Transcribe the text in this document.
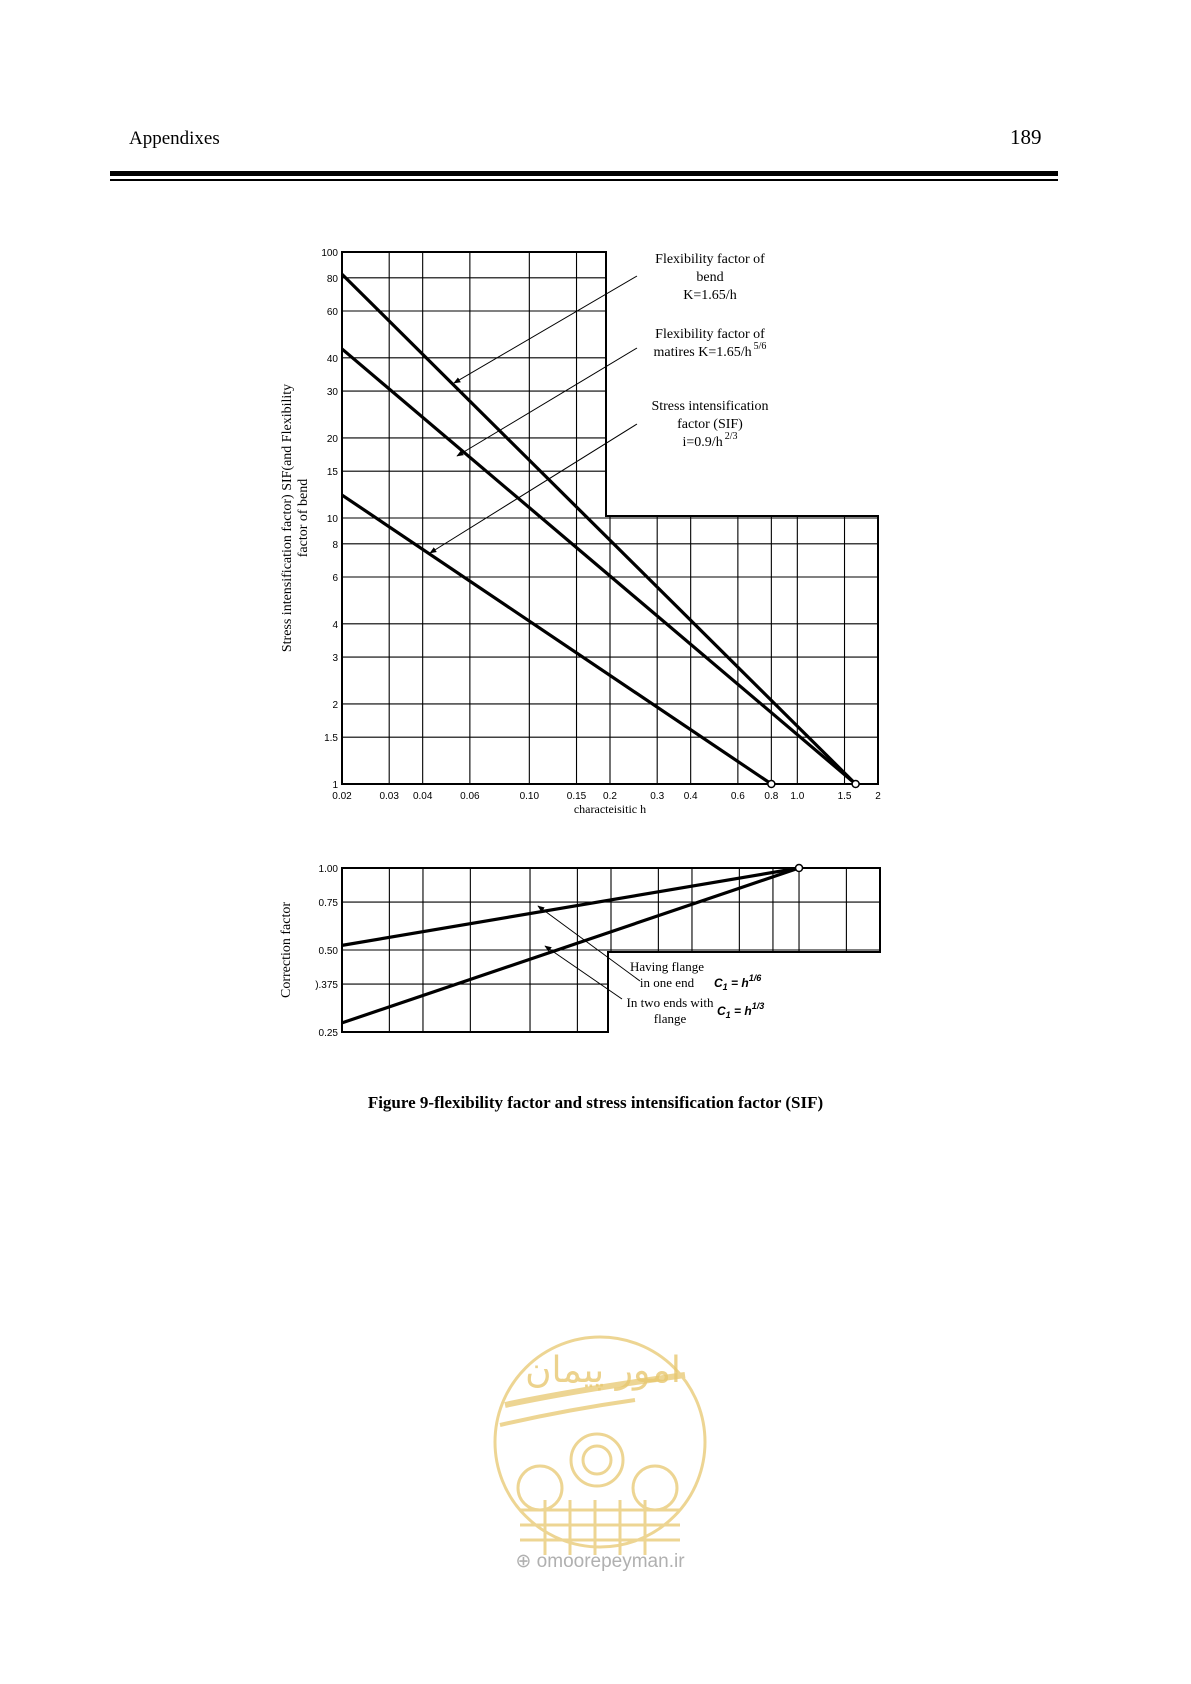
Appendixes	189
1
1.5
2
3
4
6
8
10
15
20
30
40
60
80
100
0.02	0.03 0.04	0.06	0.10	0.15 0.2	0.3 0.4	0.6 0.8 1.0	1.5 2
characteisitic h
Stress intensification factor) SIF(and Flexibility factor of bend
Flexibility factor of
bend
K=1.65/h
Flexibility factor of
matires K=1.65/h $^{5/6}$
Stress intensification
factor (SIF)
i=0.9/h $^{2/3}$
0.25
).375
0.50
0.75
1.00
Correction factor	Having flange
in one end $C_1 = h^{1/6}$
In two ends with
flange	$C_1 = h^{1/3}$
Figure 9-flexibility factor and stress intensification factor (SIF)
امور پیمان
⊕ omoorepeyman.ir
